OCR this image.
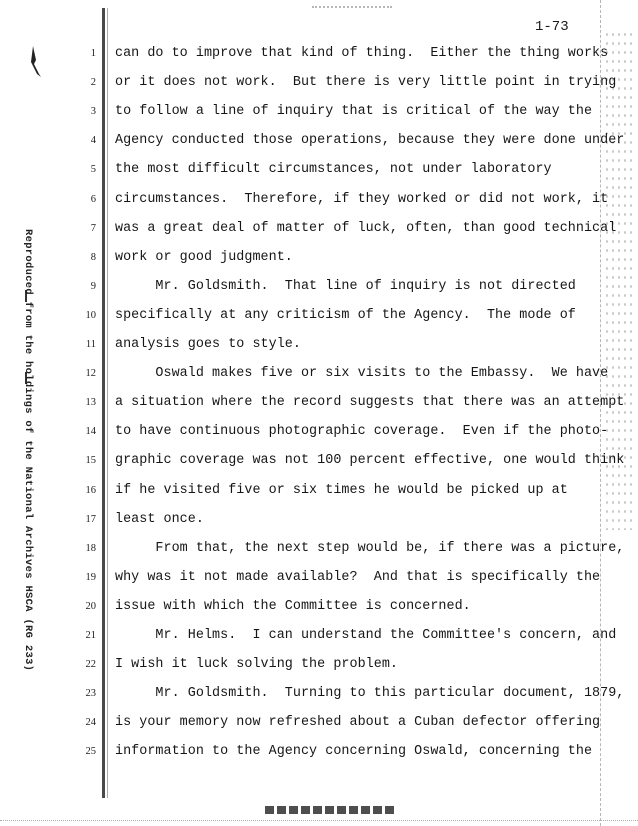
1-73
Reproduced from the holdings of the National Archives HSCA (RG 233)
1 can do to improve that kind of thing.  Either the thing works
2 or it does not work.  But there is very little point in trying
3 to follow a line of inquiry that is critical of the way the
4 Agency conducted those operations, because they were done under
5 the most difficult circumstances, not under laboratory
6 circumstances.  Therefore, if they worked or did not work, it
7 was a great deal of matter of luck, often, than good technical
8 work or good judgment.
9 Mr. Goldsmith.  That line of inquiry is not directed
10 specifically at any criticism of the Agency.  The mode of
11 analysis goes to style.
12 Oswald makes five or six visits to the Embassy.  We have
13 a situation where the record suggests that there was an attempt
14 to have continuous photographic coverage.  Even if the photo-
15 graphic coverage was not 100 percent effective, one would think
16 if he visited five or six times he would be picked up at
17 least once.
18 From that, the next step would be, if there was a picture,
19 why was it not made available?  And that is specifically the
20 issue with which the Committee is concerned.
21 Mr. Helms.  I can understand the Committee's concern, and
22 I wish it luck solving the problem.
23 Mr. Goldsmith.  Turning to this particular document, 1879,
24 is your memory now refreshed about a Cuban defector offering
25 information to the Agency concerning Oswald, concerning the
